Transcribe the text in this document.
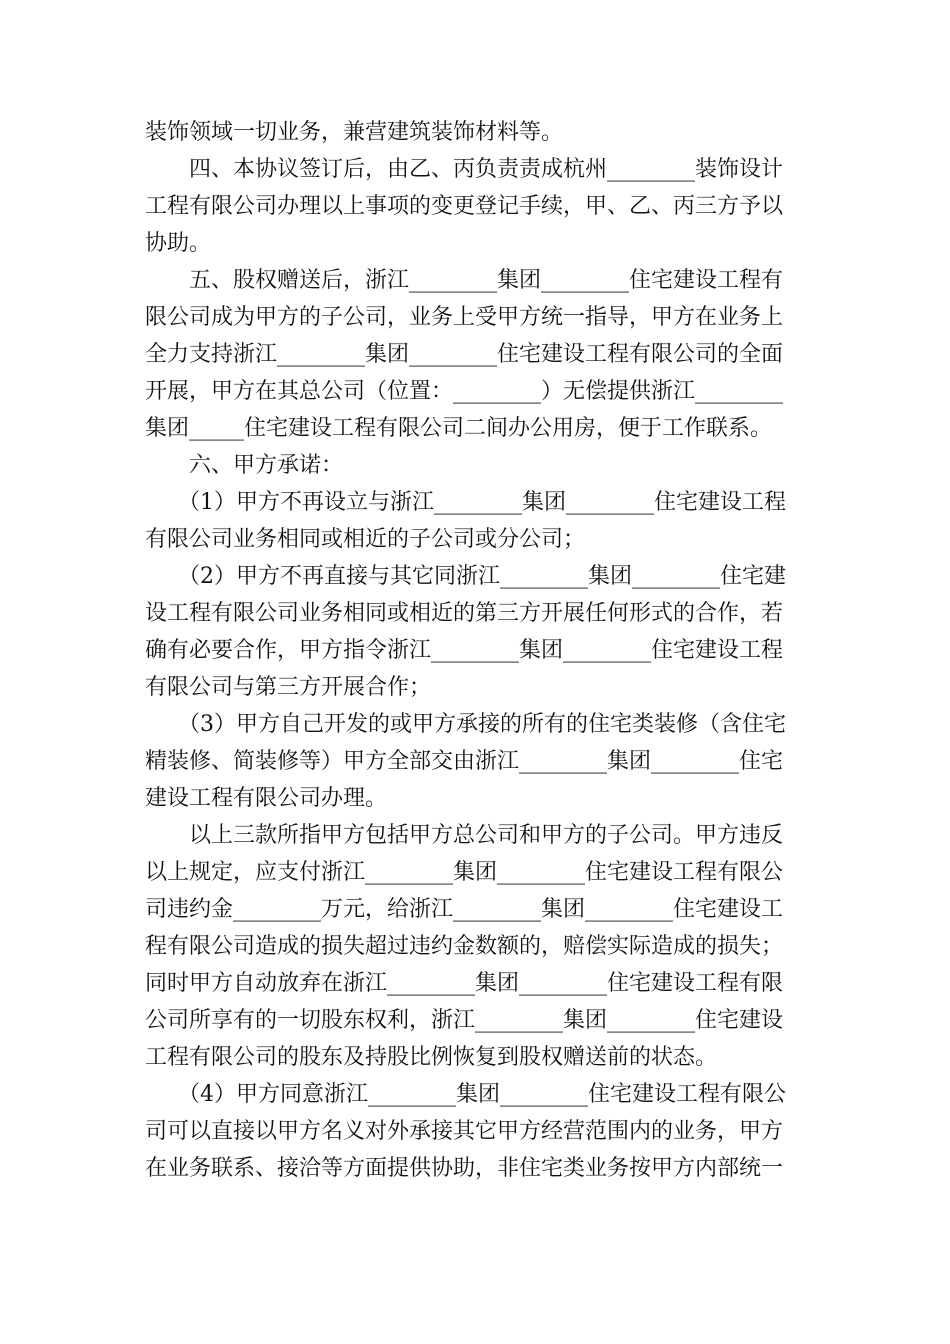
装饰领域一切业务，兼营建筑装饰材料等。
　　四、本协议签订后，由乙、丙负责责成杭州________装饰设计
工程有限公司办理以上事项的变更登记手续，甲、乙、丙三方予以
协助。
　　五、股权赠送后，浙江________集团________住宅建设工程有
限公司成为甲方的子公司，业务上受甲方统一指导，甲方在业务上
全力支持浙江________集团________住宅建设工程有限公司的全面
开展，甲方在其总公司（位置：________）无偿提供浙江________
集团_____住宅建设工程有限公司二间办公用房，便于工作联系。
　　六、甲方承诺：
　　（1）甲方不再设立与浙江________集团________住宅建设工程
有限公司业务相同或相近的子公司或分公司；
　　（2）甲方不再直接与其它同浙江________集团________住宅建
设工程有限公司业务相同或相近的第三方开展任何形式的合作，若
确有必要合作，甲方指令浙江________集团________住宅建设工程
有限公司与第三方开展合作；
　　（3）甲方自己开发的或甲方承接的所有的住宅类装修（含住宅
精装修、简装修等）甲方全部交由浙江________集团________住宅
建设工程有限公司办理。
　　以上三款所指甲方包括甲方总公司和甲方的子公司。甲方违反
以上规定，应支付浙江________集团________住宅建设工程有限公
司违约金________万元，给浙江________集团________住宅建设工
程有限公司造成的损失超过违约金数额的，赔偿实际造成的损失；
同时甲方自动放弃在浙江________集团________住宅建设工程有限
公司所享有的一切股东权利，浙江________集团________住宅建设
工程有限公司的股东及持股比例恢复到股权赠送前的状态。
　　（4）甲方同意浙江________集团________住宅建设工程有限公
司可以直接以甲方名义对外承接其它甲方经营范围内的业务，甲方
在业务联系、接洽等方面提供协助，非住宅类业务按甲方内部统一
